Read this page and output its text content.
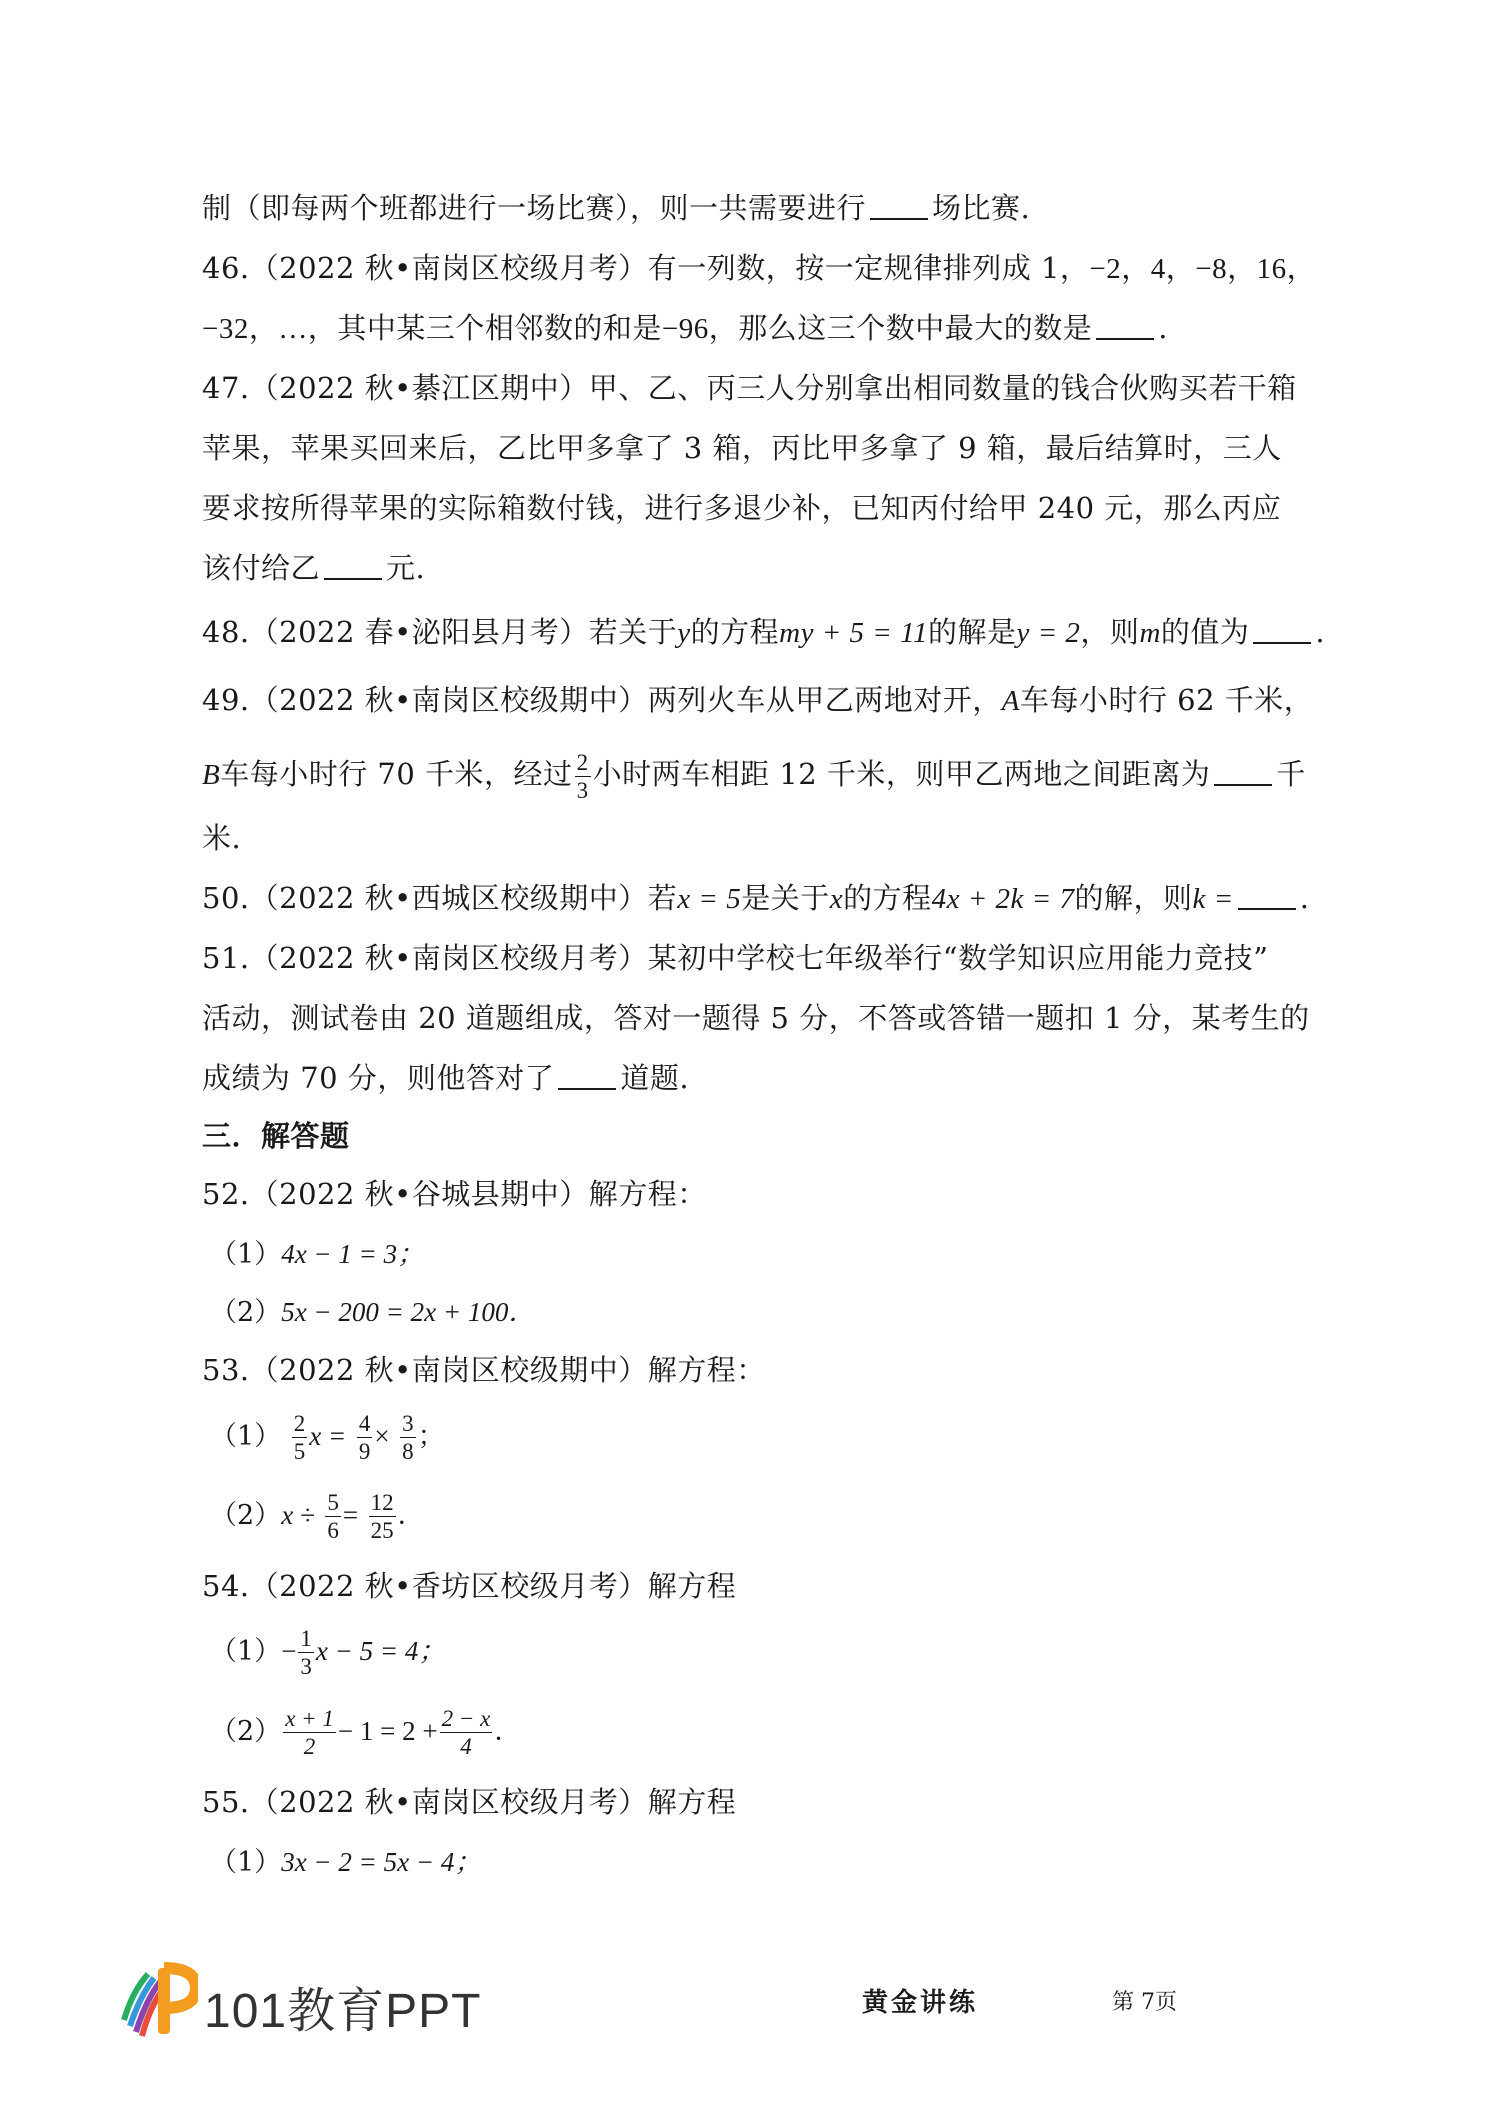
制（即每两个班都进行一场比赛），则一共需要进行 场比赛.
46.（2022 秋•南岗区校级月考）有一列数，按一定规律排列成 1，−2，4，−8，16，
−32，…，其中某三个相邻数的和是−96，那么这三个数中最大的数是 .
47.（2022 秋•綦江区期中）甲、乙、丙三人分别拿出相同数量的钱合伙购买若干箱
苹果，苹果买回来后，乙比甲多拿了 3 箱，丙比甲多拿了 9 箱，最后结算时，三人
要求按所得苹果的实际箱数付钱，进行多退少补，已知丙付给甲 240 元，那么丙应
该付给乙 元.
48.（2022 春•泌阳县月考）若关于y的方程my + 5 = 11的解是y = 2，则m的值为 .
49.（2022 秋•南岗区校级期中）两列火车从甲乙两地对开，A车每小时行 62 千米，
B车每小时行 70 千米，经过 $\frac{2}{3}$ 小时两车相距 12 千米，则甲乙两地之间距离为 千
米.
50.（2022 秋•西城区校级期中）若x = 5是关于x的方程4x + 2k = 7的解，则k = .
51.（2022 秋•南岗区校级月考）某初中学校七年级举行“数学知识应用能力竞技”
活动，测试卷由 20 道题组成，答对一题得 5 分，不答或答错一题扣 1 分，某考生的
成绩为 70 分，则他答对了 道题.
三．解答题
52.（2022 秋•谷城县期中）解方程：
（1）4x − 1 = 3；
（2）5x − 200 = 2x + 100．
53.（2022 秋•南岗区校级期中）解方程：
$(1) \frac{2}{5}$ $x = \frac{4}{9} \times \frac{3}{8}$ ；
$(2)x \div \frac{5}{6} = \frac{12}{25}$ ．
54.（2022 秋•香坊区校级月考）解方程
$(1)- \frac{1}{3}$ x − 5 = 4；
$(2) \frac{x + 1}{2} - 1 = 2 + \frac{2 - x}{4}$ ．
55.（2022 秋•南岗区校级月考）解方程
（1）3x − 2 = 5x − 4；
101教育PPT	黄金讲练	第 7页
